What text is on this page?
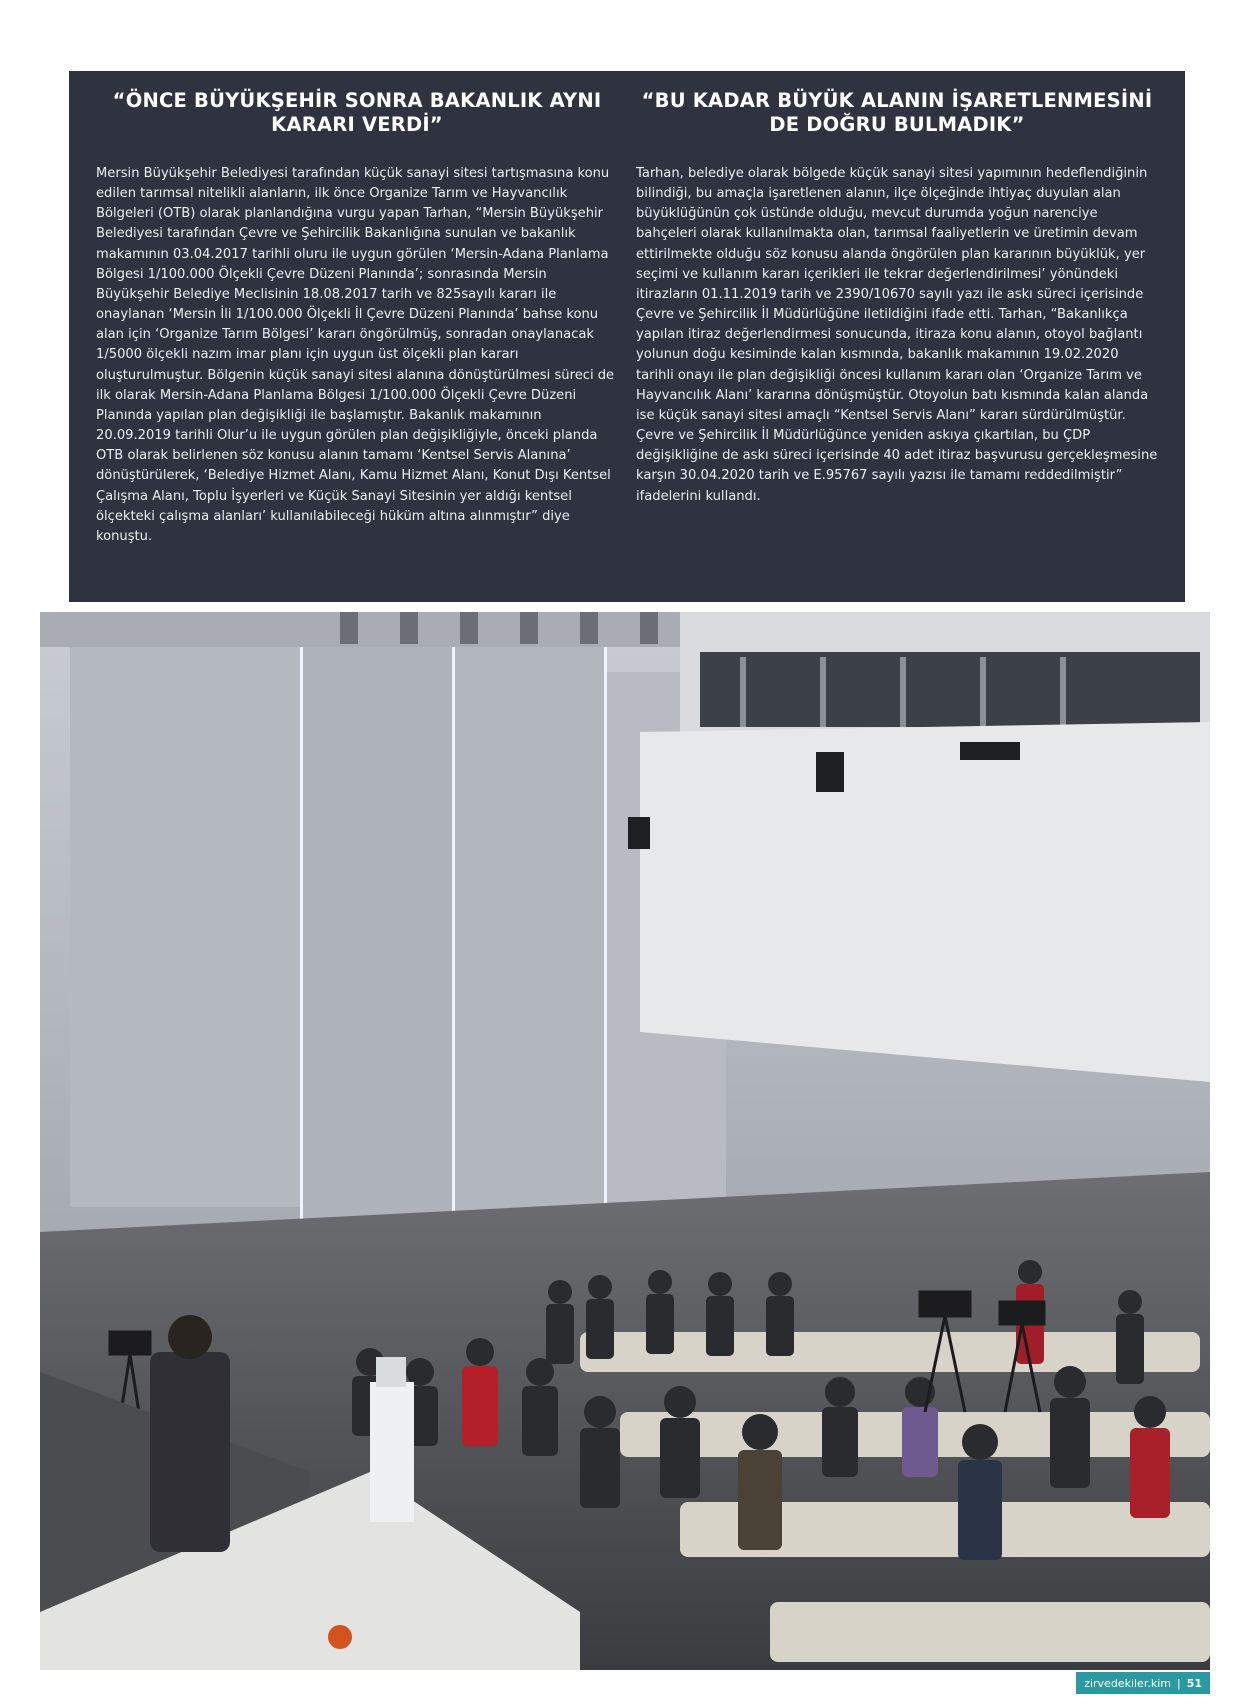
“ÖNCE BÜYÜKŞEHİR SONRA BAKANLIK AYNI KARARI VERDİ”

Mersin Büyükşehir Belediyesi tarafından küçük sanayi sitesi tartışmasına konu edilen tarımsal nitelikli alanların, ilk önce Organize Tarım ve Hayvancılık Bölgeleri (OTB) olarak planlandığına vurgu yapan Tarhan, “Mersin Büyükşehir Belediyesi tarafından Çevre ve Şehircilik Bakanlığına sunulan ve bakanlık makamının 03.04.2017 tarihli oluru ile uygun görülen ‘Mersin-Adana Planlama Bölgesi 1/100.000 Ölçekli Çevre Düzeni Planında’; sonrasında Mersin Büyükşehir Belediye Meclisinin 18.08.2017 tarih ve 825sayılı kararı ile onaylanan ‘Mersin İli 1/100.000 Ölçekli İl Çevre Düzeni Planında’ bahse konu alan için ‘Organize Tarım Bölgesi’ kararı öngörülmüş, sonradan onaylanacak 1/5000 ölçekli nazım imar planı için uygun üst ölçekli plan kararı oluşturulmuştur. Bölgenin küçük sanayi sitesi alanına dönüştürülmesi süreci de ilk olarak Mersin-Adana Planlama Bölgesi 1/100.000 Ölçekli Çevre Düzeni Planında yapılan plan değişikliği ile başlamıştır. Bakanlık makamının 20.09.2019 tarihli Olur’u ile uygun görülen plan değişikliğiyle, önceki planda OTB olarak belirlenen söz konusu alanın tamamı ‘Kentsel Servis Alanına’ dönüştürülerek, ‘Belediye Hizmet Alanı, Kamu Hizmet Alanı, Konut Dışı Kentsel Çalışma Alanı, Toplu İşyerleri ve Küçük Sanayi Sitesinin yer aldığı kentsel ölçekteki çalışma alanları’ kullanılabileceği hüküm altına alınmıştır” diye konuştu.

“BU KADAR BÜYÜK ALANIN İŞARETLENMESİNİ DE DOĞRU BULMADIK”

Tarhan, belediye olarak bölgede küçük sanayi sitesi yapımının hedeflendiğinin bilindiği, bu amaçla işaretlenen alanın, ilçe ölçeğinde ihtiyaç duyulan alan büyüklüğünün çok üstünde olduğu, mevcut durumda yoğun narenciye bahçeleri olarak kullanılmakta olan, tarımsal faaliyetlerin ve üretimin devam ettirilmekte olduğu söz konusu alanda öngörülen plan kararının büyüklük, yer seçimi ve kullanım kararı içerikleri ile tekrar değerlendirilmesi’ yönündeki itirazların 01.11.2019 tarih ve 2390/10670 sayılı yazı ile askı süreci içerisinde Çevre ve Şehircilik İl Müdürlüğüne iletildiğini ifade etti. Tarhan, “Bakanlıkça yapılan itiraz değerlendirmesi sonucunda, itiraza konu alanın, otoyol bağlantı yolunun doğu kesiminde kalan kısmında, bakanlık makamının 19.02.2020 tarihli onayı ile plan değişikliği öncesi kullanım kararı olan ‘Organize Tarım ve Hayvancılık Alanı’ kararına dönüşmüştür. Otoyolun batı kısmında kalan alanda ise küçük sanayi sitesi amaçlı “Kentsel Servis Alanı” kararı sürdürülmüştür. Çevre ve Şehircilik İl Müdürlüğünce yeniden askıya çıkartılan, bu ÇDP değişikliğine de askı süreci içerisinde 40 adet itiraz başvurusu gerçekleşmesine karşın 30.04.2020 tarih ve E.95767 sayılı yazısı ile tamamı reddedilmiştir” ifadelerini kullandı.

zirvedekiler.kim | 51
